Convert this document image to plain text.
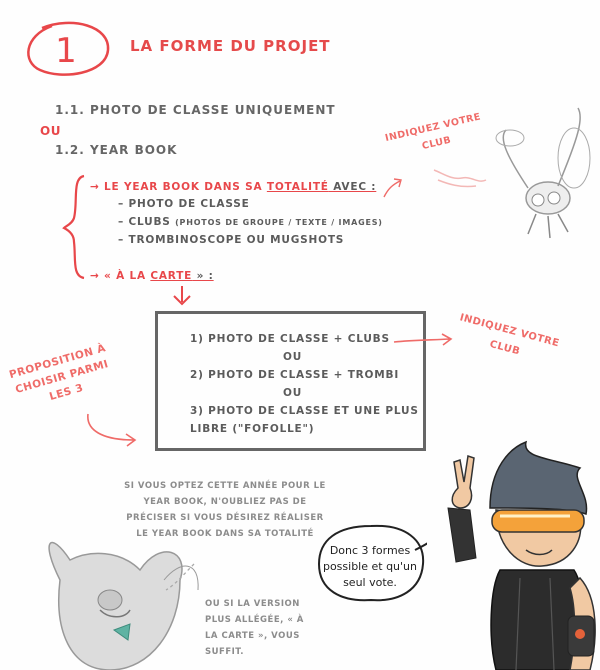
1	LA FORME DU PROJET
1.1. PHOTO DE CLASSE UNIQUEMENT
OU
1.2. YEAR BOOK
→ LE YEAR BOOK DANS SA TOTALITÉ AVEC :
– PHOTO DE CLASSE
– CLUBS (PHOTOS DE GROUPE / TEXTE / IMAGES)
– TROMBINOSCOPE OU MUGSHOTS
→ « À LA CARTE » :
1) PHOTO DE CLASSE + CLUBS
OU
2) PHOTO DE CLASSE + TROMBI
OU
3) PHOTO DE CLASSE ET UNE PLUS
LIBRE ("FOFOLLE")
INDIQUEZ VOTRE CLUB
INDIQUEZ VOTRE CLUB
PROPOSITION À CHOISIR PARMI LES 3
SI VOUS OPTEZ CETTE ANNÉE POUR LE YEAR BOOK, N'OUBLIEZ PAS DE PRÉCISER SI VOUS DÉSIREZ RÉALISER LE YEAR BOOK DANS SA TOTALITÉ
OU SI LA VERSION PLUS ALLÉGÉE, « À LA CARTE », VOUS SUFFIT.
Donc 3 formes possible et qu'un seul vote.
